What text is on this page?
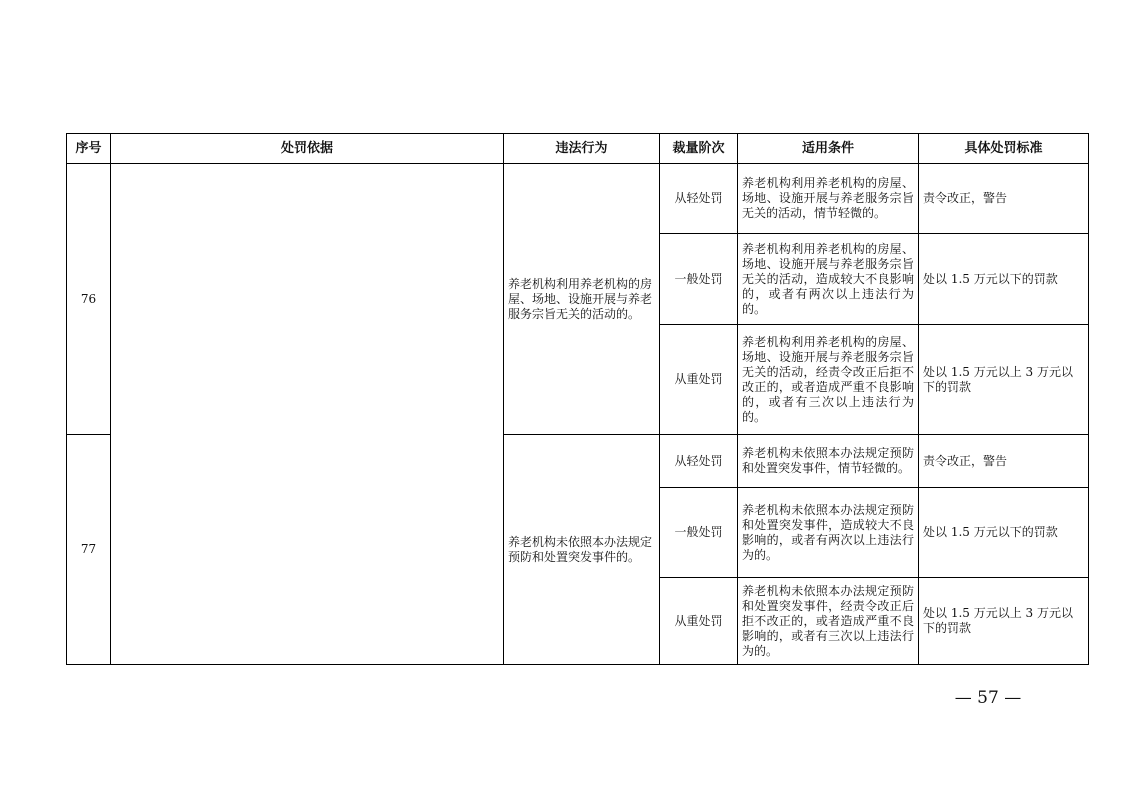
序号	处罚依据	违法行为	裁量阶次	适用条件	具体处罚标准
76		养老机构利用养老机构的房屋、场地、设施开展与养老服务宗旨无关的活动的。	从轻处罚	养老机构利用养老机构的房屋、场地、设施开展与养老服务宗旨无关的活动，情节轻微的。	责令改正，警告
			一般处罚	养老机构利用养老机构的房屋、场地、设施开展与养老服务宗旨无关的活动，造成较大不良影响的，或者有两次以上违法行为的。	处以 1.5 万元以下的罚款
			从重处罚	养老机构利用养老机构的房屋、场地、设施开展与养老服务宗旨无关的活动，经责令改正后拒不改正的，或者造成严重不良影响的，或者有三次以上违法行为的。	处以 1.5 万元以上 3 万元以下的罚款
77		养老机构未依照本办法规定预防和处置突发事件的。	从轻处罚	养老机构未依照本办法规定预防和处置突发事件，情节轻微的。	责令改正，警告
			一般处罚	养老机构未依照本办法规定预防和处置突发事件，造成较大不良影响的，或者有两次以上违法行为的。	处以 1.5 万元以下的罚款
			从重处罚	养老机构未依照本办法规定预防和处置突发事件，经责令改正后拒不改正的，或者造成严重不良影响的，或者有三次以上违法行为的。	处以 1.5 万元以上 3 万元以下的罚款
— 57 —
